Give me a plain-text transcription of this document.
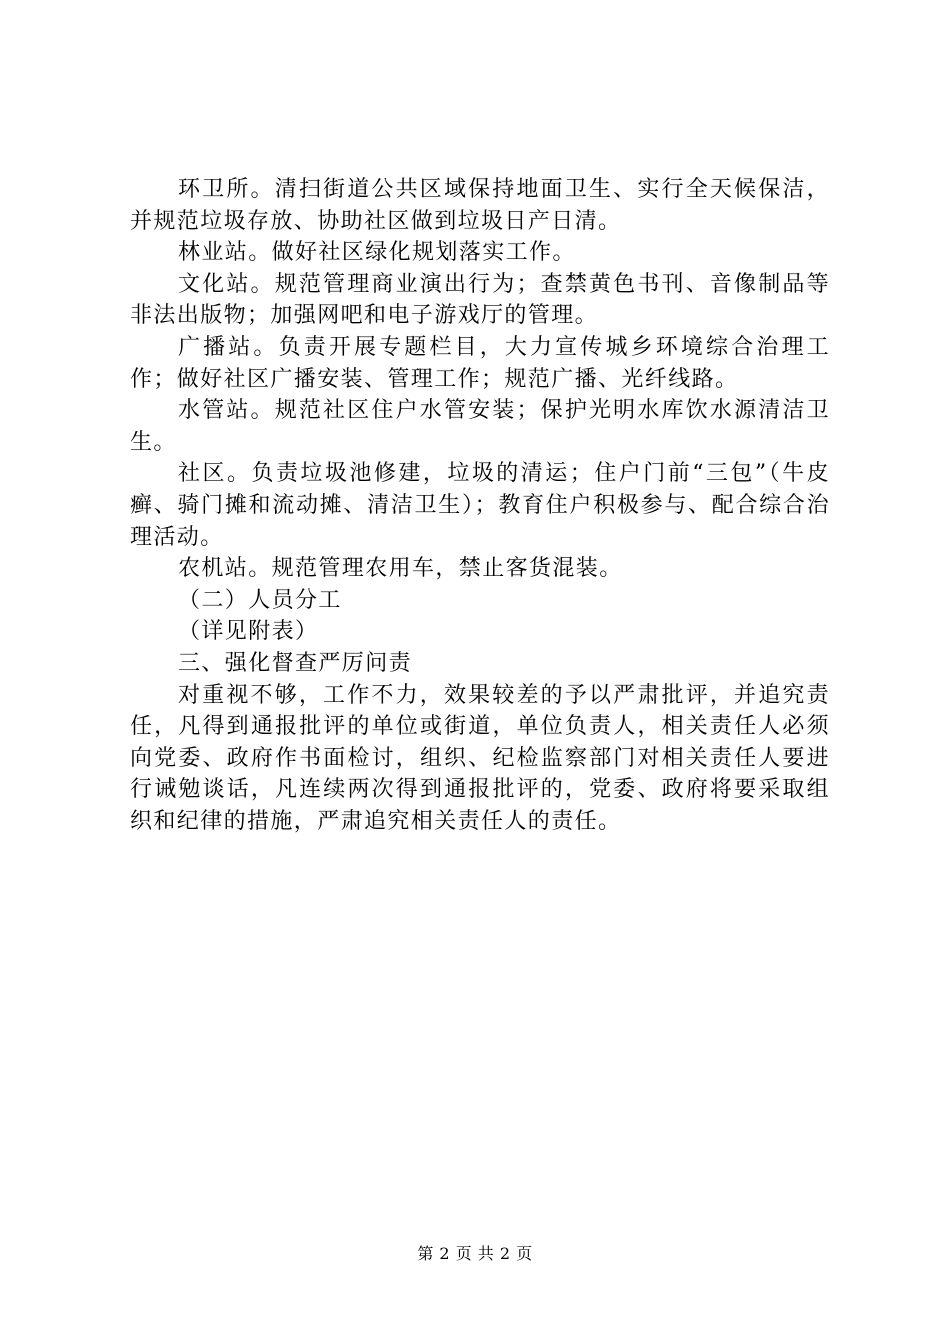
环卫所。清扫街道公共区域保持地面卫生、实行全天候保洁，并规范垃圾存放、协助社区做到垃圾日产日清。

林业站。做好社区绿化规划落实工作。

文化站。规范管理商业演出行为；查禁黄色书刊、音像制品等非法出版物；加强网吧和电子游戏厅的管理。

广播站。负责开展专题栏目，大力宣传城乡环境综合治理工作；做好社区广播安装、管理工作；规范广播、光纤线路。

水管站。规范社区住户水管安装；保护光明水库饮水源清洁卫生。

社区。负责垃圾池修建，垃圾的清运；住户门前“三包”（牛皮癣、骑门摊和流动摊、清洁卫生）；教育住户积极参与、配合综合治理活动。

农机站。规范管理农用车，禁止客货混装。

（二）人员分工

（详见附表）

三、强化督查严厉问责

对重视不够，工作不力，效果较差的予以严肃批评，并追究责任，凡得到通报批评的单位或街道，单位负责人，相关责任人必须向党委、政府作书面检讨，组织、纪检监察部门对相关责任人要进行诫勉谈话，凡连续两次得到通报批评的，党委、政府将要采取组织和纪律的措施，严肃追究相关责任人的责任。

第 2 页 共 2 页
